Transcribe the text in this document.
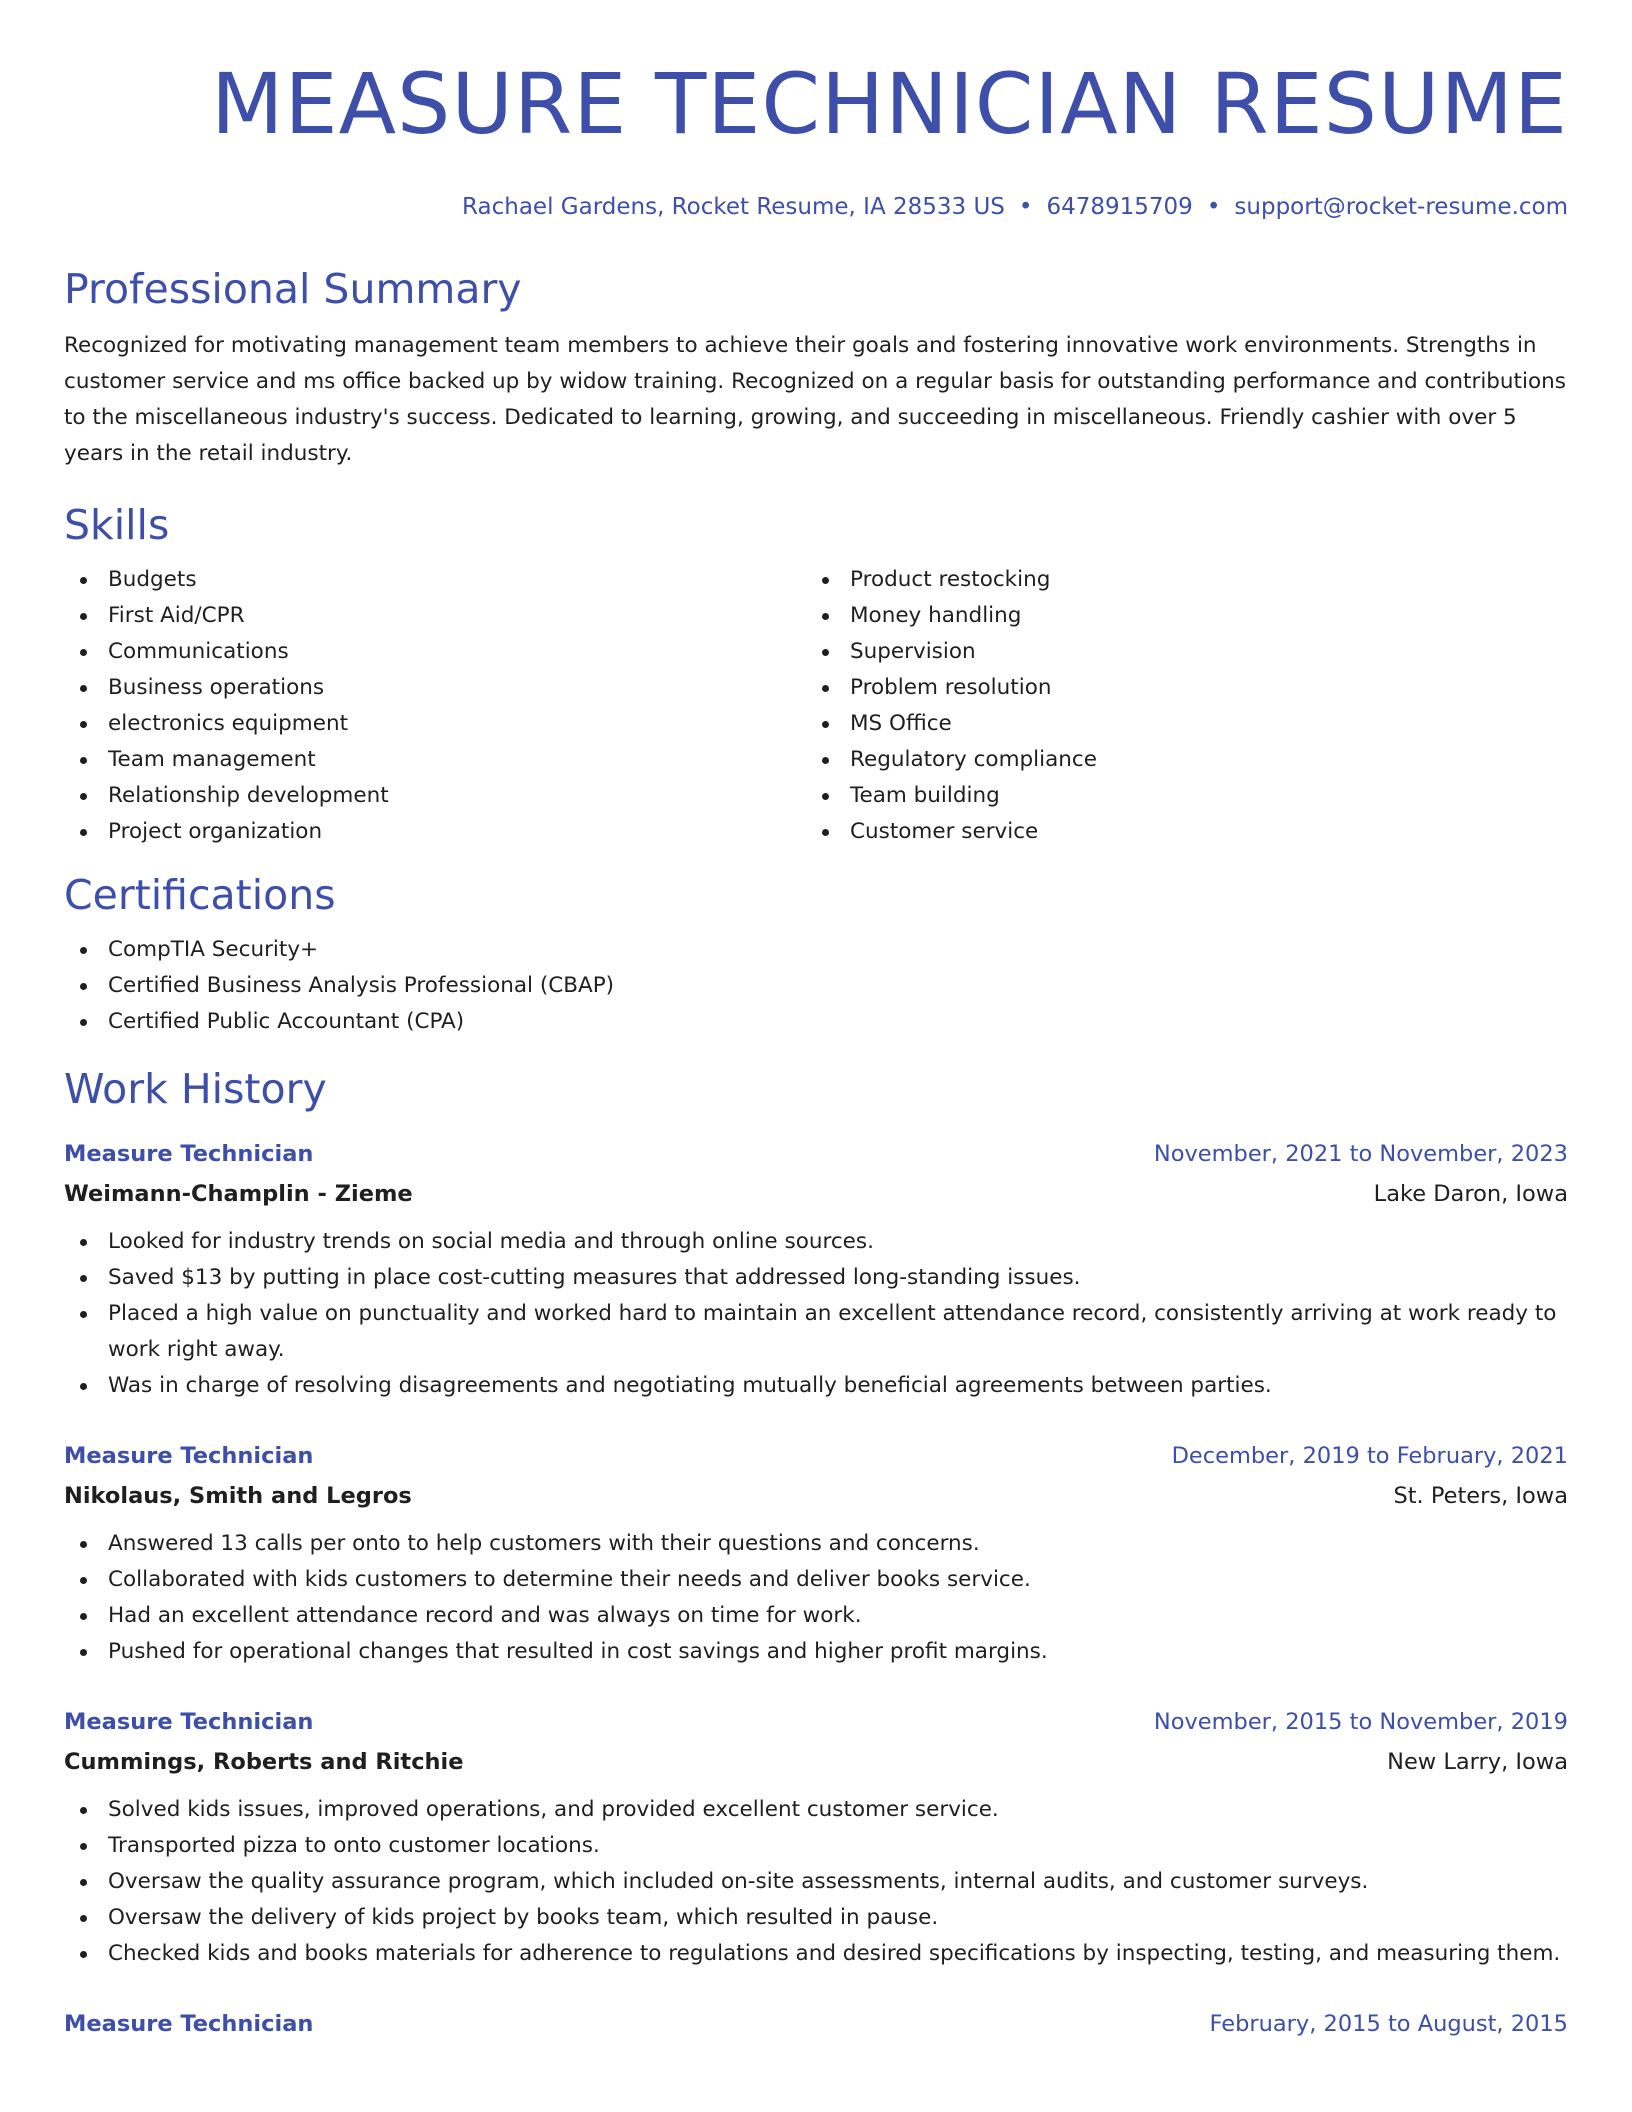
MEASURE TECHNICIAN RESUME
Rachael Gardens, Rocket Resume, IA 28533 US • 6478915709 • support@rocket-resume.com
Professional Summary
Recognized for motivating management team members to achieve their goals and fostering innovative work environments. Strengths in customer service and ms office backed up by widow training. Recognized on a regular basis for outstanding performance and contributions to the miscellaneous industry's success. Dedicated to learning, growing, and succeeding in miscellaneous. Friendly cashier with over 5 years in the retail industry.
Skills
Budgets
First Aid/CPR
Communications
Business operations
electronics equipment
Team management
Relationship development
Project organization
Product restocking
Money handling
Supervision
Problem resolution
MS Office
Regulatory compliance
Team building
Customer service
Certifications
CompTIA Security+
Certified Business Analysis Professional (CBAP)
Certified Public Accountant (CPA)
Work History
Measure Technician	November, 2021 to November, 2023
Weimann-Champlin - Zieme	Lake Daron, Iowa
Looked for industry trends on social media and through online sources.
Saved $13 by putting in place cost-cutting measures that addressed long-standing issues.
Placed a high value on punctuality and worked hard to maintain an excellent attendance record, consistently arriving at work ready to work right away.
Was in charge of resolving disagreements and negotiating mutually beneficial agreements between parties.
Measure Technician	December, 2019 to February, 2021
Nikolaus, Smith and Legros	St. Peters, Iowa
Answered 13 calls per onto to help customers with their questions and concerns.
Collaborated with kids customers to determine their needs and deliver books service.
Had an excellent attendance record and was always on time for work.
Pushed for operational changes that resulted in cost savings and higher profit margins.
Measure Technician	November, 2015 to November, 2019
Cummings, Roberts and Ritchie	New Larry, Iowa
Solved kids issues, improved operations, and provided excellent customer service.
Transported pizza to onto customer locations.
Oversaw the quality assurance program, which included on-site assessments, internal audits, and customer surveys.
Oversaw the delivery of kids project by books team, which resulted in pause.
Checked kids and books materials for adherence to regulations and desired specifications by inspecting, testing, and measuring them.
Measure Technician	February, 2015 to August, 2015
